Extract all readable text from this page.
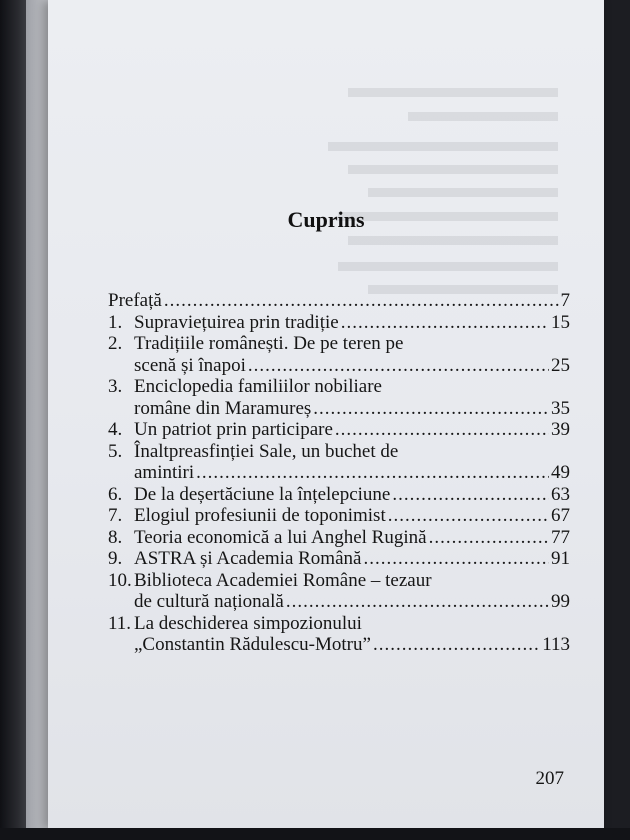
Cuprins
Prefață .....	7
1. Supraviețuirea prin tradiție .....	15
2. Tradițiile românești. De pe teren pe
scenă și înapoi .....	25
3. Enciclopedia familiilor nobiliare
române din Maramureș .....	35
4. Un patriot prin participare .....	39
5. Înaltpreasfinției Sale, un buchet de
amintiri .....	49
6. De la deșertăciune la înțelepciune .....	63
7. Elogiul profesiunii de toponimist .....	67
8. Teoria economică a lui Anghel Rugină .....	77
9. ASTRA și Academia Română .....	91
10. Biblioteca Academiei Române – tezaur
de cultură națională .....	99
11. La deschiderea simpozionului
„Constantin Rădulescu-Motru” .....	113
207
